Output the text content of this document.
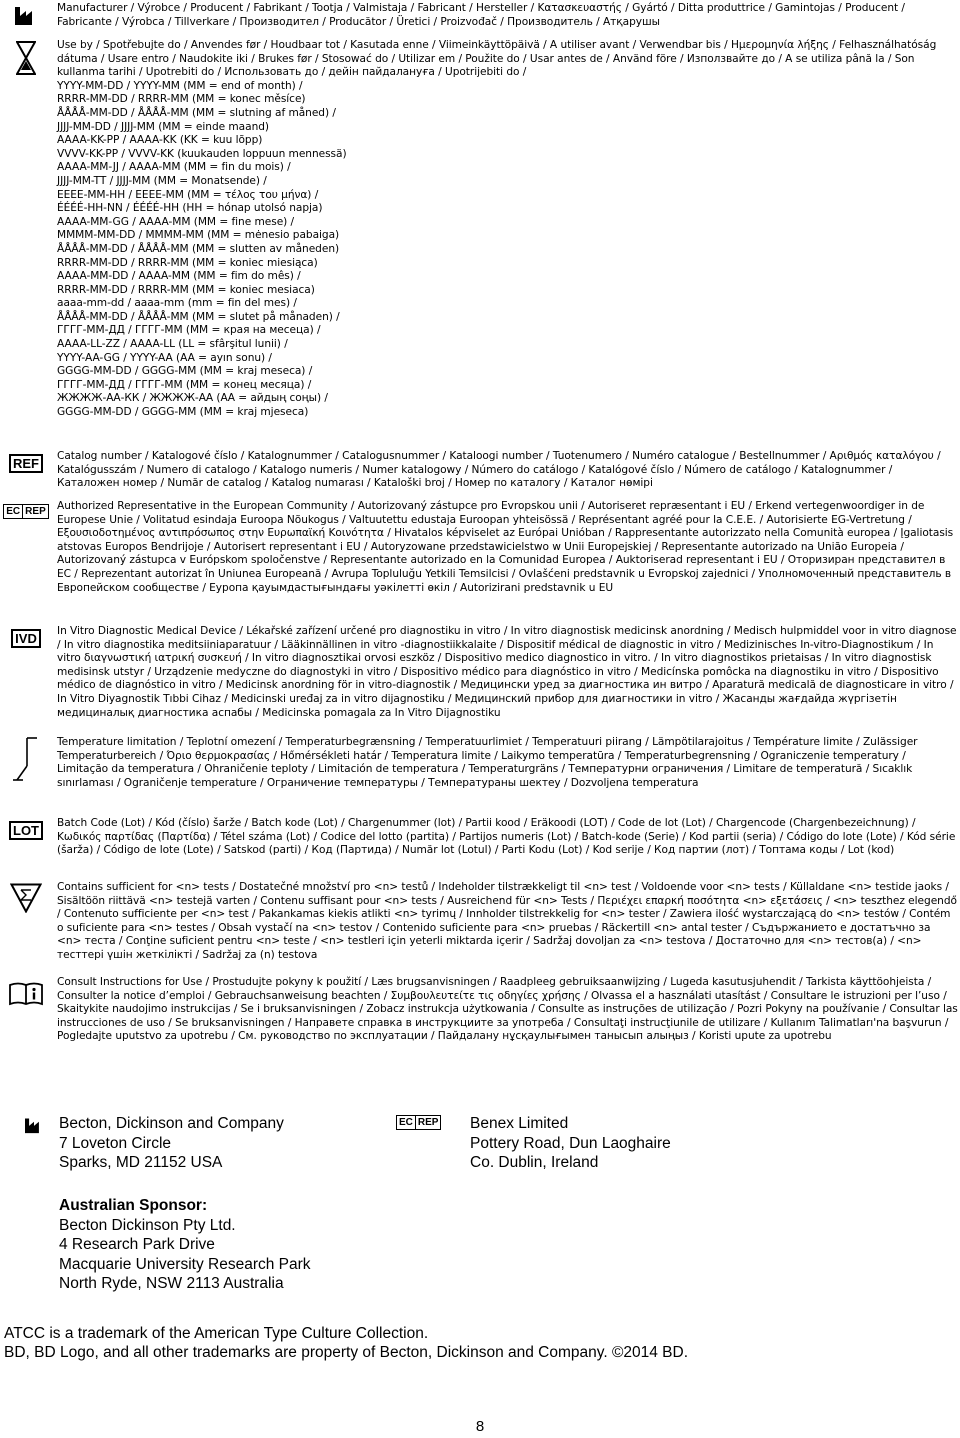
Manufacturer / Výrobce / Producent / Fabrikant / Tootja / Valmistaja / Fabricant / Hersteller / Κατασκευαστής / Gyártó / Ditta produttrice / Gamintojas / Producent / Fabricante / Výrobca / Tillverkare / Производител / Producător / Üretici / Proizvođač / Производитель / Атқарушы
Use by / Spotřebujte do / Anvendes før / Houdbaar tot / Kasutada enne / Viimeinkäyttöpäivä / A utiliser avant / Verwendbar bis / Ημερομηνία λήξης / Felhasználhatóság dátuma / Usare entro / Naudokite iki / Brukes før / Stosować do / Utilizar em / Použite do / Usar antes de / Använd före / Използвайте до / A se utiliza până la / Son kullanma tarihi / Upotrebiti do / Использовать до / дейін пайдалануға / Upotrijebiti do /
YYYY-MM-DD / YYYY-MM (MM = end of month) /
RRRR-MM-DD / RRRR-MM (MM = konec měsíce)
ÅÅÅÅ-MM-DD / ÅÅÅÅ-MM (MM = slutning af måned) /
JJJJ-MM-DD / JJJJ-MM (MM = einde maand)
AAAA-KK-PP / AAAA-KK (KK = kuu lõpp)
VVVV-KK-PP / VVVV-KK (kuukauden loppuun mennessä)
AAAA-MM-JJ / AAAA-MM (MM = fin du mois) /
JJJJ-MM-TT / JJJJ-MM (MM = Monatsende) /
ΕΕΕΕ-ΜΜ-ΗΗ / ΕΕΕΕ-ΜΜ (ΜΜ = τέλος του μήνα) /
ÉÉÉÉ-HH-NN / ÉÉÉÉ-HH (HH = hónap utolsó napja)
AAAA-MM-GG / AAAA-MM (MM = fine mese) /
MMMM-MM-DD / MMMM-MM (MM = mėnesio pabaiga)
ÅÅÅÅ-MM-DD / ÅÅÅÅ-MM (MM = slutten av måneden)
RRRR-MM-DD / RRRR-MM (MM = koniec miesiąca)
AAAA-MM-DD / AAAA-MM (MM = fim do mês) /
RRRR-MM-DD / RRRR-MM (MM = koniec mesiaca)
aaaa-mm-dd / aaaa-mm (mm = fin del mes) /
ÅÅÅÅ-MM-DD / ÅÅÅÅ-MM (MM = slutet på månaden) /
ГГГГ-ММ-ДД / ГГГГ-ММ (ММ = края на месеца) /
AAAA-LL-ZZ / AAAA-LL (LL = sfârşitul lunii) /
YYYY-AA-GG / YYYY-AA (AA = ayın sonu) /
GGGG-MM-DD / GGGG-MM (MM = kraj meseca) /
ГГГГ-ММ-ДД / ГГГГ-ММ (ММ = конец месяца) /
ЖЖЖЖ-АА-КК / ЖЖЖЖ-АА (АА = айдың соңы) /
GGGG-MM-DD / GGGG-MM (MM = kraj mjeseca)
REF	Catalog number / Katalogové číslo / Katalognummer / Catalogusnummer / Kataloogi number / Tuotenumero / Numéro catalogue / Bestellnummer / Αριθμός καταλόγου / Katalógusszám / Numero di catalogo / Katalogo numeris / Numer katalogowy / Número do catálogo / Katalógové číslo / Número de catálogo / Katalognummer / Каталожен номер / Număr de catalog / Katalog numarası / Kataloški broj / Номер по каталогу / Каталог нөмірі
EC REP Authorized Representative in the European Community / Autorizovaný zástupce pro Evropskou unii / Autoriseret repræsentant i EU / Erkend vertegenwoordiger in de Europese Unie / Volitatud esindaja Euroopa Nõukogus / Valtuutettu edustaja Euroopan yhteisössä / Représentant agréé pour la C.E.E. / Autorisierte EG-Vertretung / Εξουσιοδοτημένος αντιπρόσωπος στην Ευρωπαϊκή Κοινότητα / Hivatalos képviselet az Európai Unióban / Rappresentante autorizzato nella Comunità europea / Įgaliotasis atstovas Europos Bendrijoje / Autorisert representant i EU / Autoryzowane przedstawicielstwo w Unii Europejskiej / Representante autorizado na União Europeia / Autorizovaný zástupca v Európskom spoločenstve / Representante autorizado en la Comunidad Europea / Auktoriserad representant i EU / Оторизиран представител в ЕС / Reprezentant autorizat în Uniunea Europeană / Avrupa Topluluğu Yetkili Temsilcisi / Ovlašćeni predstavnik u Evropskoj zajednici / Уполномоченный представитель в Европейском сообществе / Еуропа қауымдастығындағы уәкілетті өкіл / Autorizirani predstavnik u EU
IVD	In Vitro Diagnostic Medical Device / Lékařské zařízení určené pro diagnostiku in vitro / In vitro diagnostisk medicinsk anordning / Medisch hulpmiddel voor in vitro diagnose / In vitro diagnostika meditsiiniaparatuur / Lääkinnällinen in vitro -diagnostiikkalaite / Dispositif médical de diagnostic in vitro / Medizinisches In-vitro-Diagnostikum / In vitro διαγνωστική ιατρική συσκευή / In vitro diagnosztikai orvosi eszköz / Dispositivo medico diagnostico in vitro. / In vitro diagnostikos prietaisas / In vitro diagnostisk medisinsk utstyr / Urządzenie medyczne do diagnostyki in vitro / Dispositivo médico para diagnóstico in vitro / Medicínska pomôcka na diagnostiku in vitro / Dispositivo médico de diagnóstico in vitro / Medicinsk anordning för in vitro-diagnostik / Медицински уред за диагностика ин витро / Aparatură medicală de diagnosticare in vitro / In Vitro Diyagnostik Tıbbi Cihaz / Medicinski uređaj za in vitro dijagnostiku / Медицинский прибор для диагностики in vitro / Жасанды жағдайда жүргізетін медициналық диагностика аспабы / Medicinska pomagala za In Vitro Dijagnostiku
Temperature limitation / Teplotní omezení / Temperaturbegrænsning / Temperatuurlimiet / Temperatuuri piirang / Lämpötilarajoitus / Température limite / Zulässiger Temperaturbereich / Όριο θερμοκρασίας / Hőmérsékleti határ / Temperatura limite / Laikymo temperatūra / Temperaturbegrensning / Ograniczenie temperatury / Limitação da temperatura / Ohraničenie teploty / Limitación de temperatura / Temperaturgräns / Температурни ограничения / Limitare de temperatură / Sıcaklık sınırlaması / Ograničenje temperature / Ограничение температуры / Температураны шектеу / Dozvoljena temperatura
LOT	Batch Code (Lot) / Kód (číslo) šarže / Batch kode (Lot) / Chargenummer (lot) / Partii kood / Eräkoodi (LOT) / Code de lot (Lot) / Chargencode (Chargenbezeichnung) / Κωδικός παρτίδας (Παρτίδα) / Tétel száma (Lot) / Codice del lotto (partita) / Partijos numeris (Lot) / Batch-kode (Serie) / Kod partii (seria) / Código do lote (Lote) / Kód série (šarža) / Código de lote (Lote) / Satskod (parti) / Код (Партида) / Număr lot (Lotul) / Parti Kodu (Lot) / Kod serije / Код партии (лот) / Топтама коды / Lot (kod)
Contains sufficient for <n> tests / Dostatečné množství pro <n> testů / Indeholder tilstrækkeligt til <n> test / Voldoende voor <n> tests / Küllaldane <n> testide jaoks / Sisältöön riittävä <n> testejä varten / Contenu suffisant pour <n> tests / Ausreichend für <n> Tests / Περιέχει επαρκή ποσότητα <n> εξετάσεις / <n> teszthez elegendő / Contenuto sufficiente per <n> test / Pakankamas kiekis atlikti <n> tyrimų / Innholder tilstrekkelig for <n> tester / Zawiera ilość wystarczającą do <n> testów / Contém o suficiente para <n> testes / Obsah vystačí na <n> testov / Contenido suficiente para <n> pruebas / Räckertill <n> antal tester / Съдържанието е достатъчно за <n> теста / Conţine suficient pentru <n> teste / <n> testleri için yeterli miktarda içerir / Sadržaj dovoljan za <n> testova / Достаточно для <n> тестов(а) / <n> тесттері үшін жеткілікті / Sadržaj za (n) testova
Consult Instructions for Use / Prostudujte pokyny k použití / Læs brugsanvisningen / Raadpleeg gebruiksaanwijzing / Lugeda kasutusjuhendit / Tarkista käyttöohjeista / Consulter la notice d’emploi / Gebrauchsanweisung beachten / Συμβουλευτείτε τις οδηγίες χρήσης / Olvassa el a használati utasítást / Consultare le istruzioni per l’uso / Skaitykite naudojimo instrukcijas / Se i bruksanvisningen / Zobacz instrukcja użytkowania / Consulte as instruções de utilização / Pozri Pokyny na používanie / Consultar las instrucciones de uso / Se bruksanvisningen / Направете справка в инструкциите за употреба / Consultaţi instrucţiunile de utilizare / Kullanım Talimatları'na başvurun / Pogledajte uputstvo za upotrebu / См. руководство по эксплуатации / Пайдалану нұсқаулығымен танысып алыңыз / Koristi upute za upotrebu
Becton, Dickinson and Company
7 Loveton Circle
Sparks, MD 21152 USA
EC REP Benex Limited
Pottery Road, Dun Laoghaire
Co. Dublin, Ireland
Australian Sponsor:
Becton Dickinson Pty Ltd.
4 Research Park Drive
Macquarie University Research Park
North Ryde, NSW 2113 Australia
ATCC is a trademark of the American Type Culture Collection.
BD, BD Logo, and all other trademarks are property of Becton, Dickinson and Company. ©2014 BD.
8
